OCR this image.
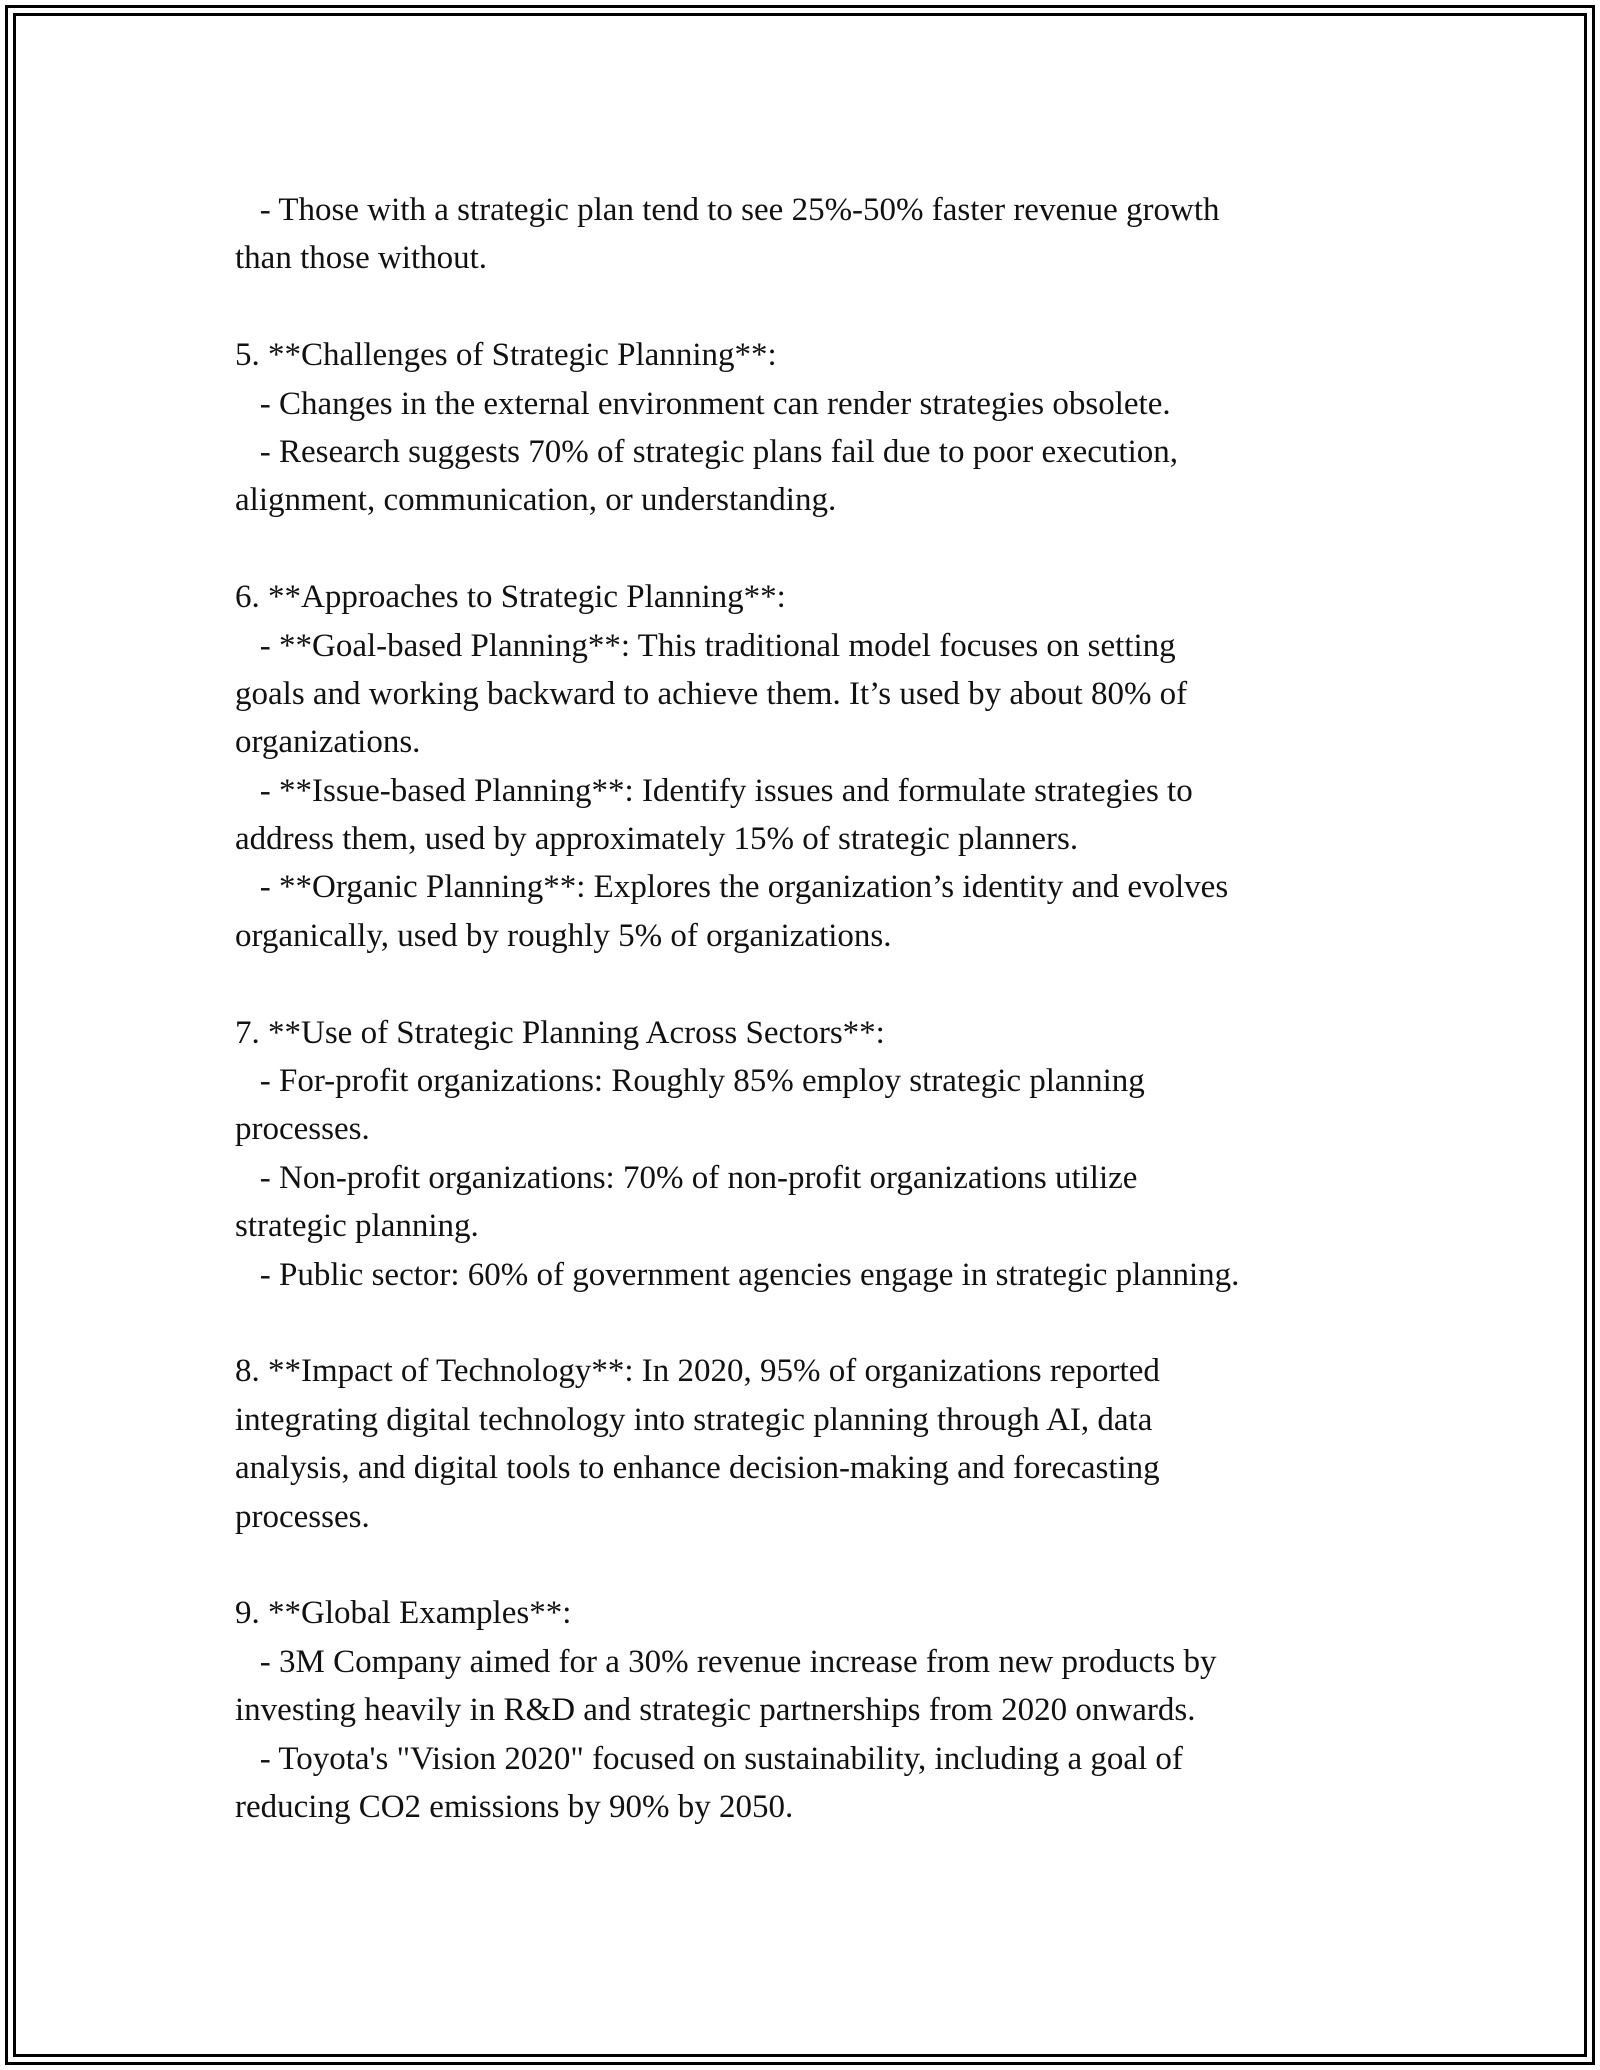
- Those with a strategic plan tend to see 25%-50% faster revenue growth
than those without.
5. **Challenges of Strategic Planning**:
- Changes in the external environment can render strategies obsolete.
- Research suggests 70% of strategic plans fail due to poor execution,
alignment, communication, or understanding.
6. **Approaches to Strategic Planning**:
- **Goal-based Planning**: This traditional model focuses on setting
goals and working backward to achieve them. It’s used by about 80% of
organizations.
- **Issue-based Planning**: Identify issues and formulate strategies to
address them, used by approximately 15% of strategic planners.
- **Organic Planning**: Explores the organization’s identity and evolves
organically, used by roughly 5% of organizations.
7. **Use of Strategic Planning Across Sectors**:
- For-profit organizations: Roughly 85% employ strategic planning
processes.
- Non-profit organizations: 70% of non-profit organizations utilize
strategic planning.
- Public sector: 60% of government agencies engage in strategic planning.
8. **Impact of Technology**: In 2020, 95% of organizations reported
integrating digital technology into strategic planning through AI, data
analysis, and digital tools to enhance decision-making and forecasting
processes.
9. **Global Examples**:
- 3M Company aimed for a 30% revenue increase from new products by
investing heavily in R&D and strategic partnerships from 2020 onwards.
- Toyota's "Vision 2020" focused on sustainability, including a goal of
reducing CO2 emissions by 90% by 2050.
